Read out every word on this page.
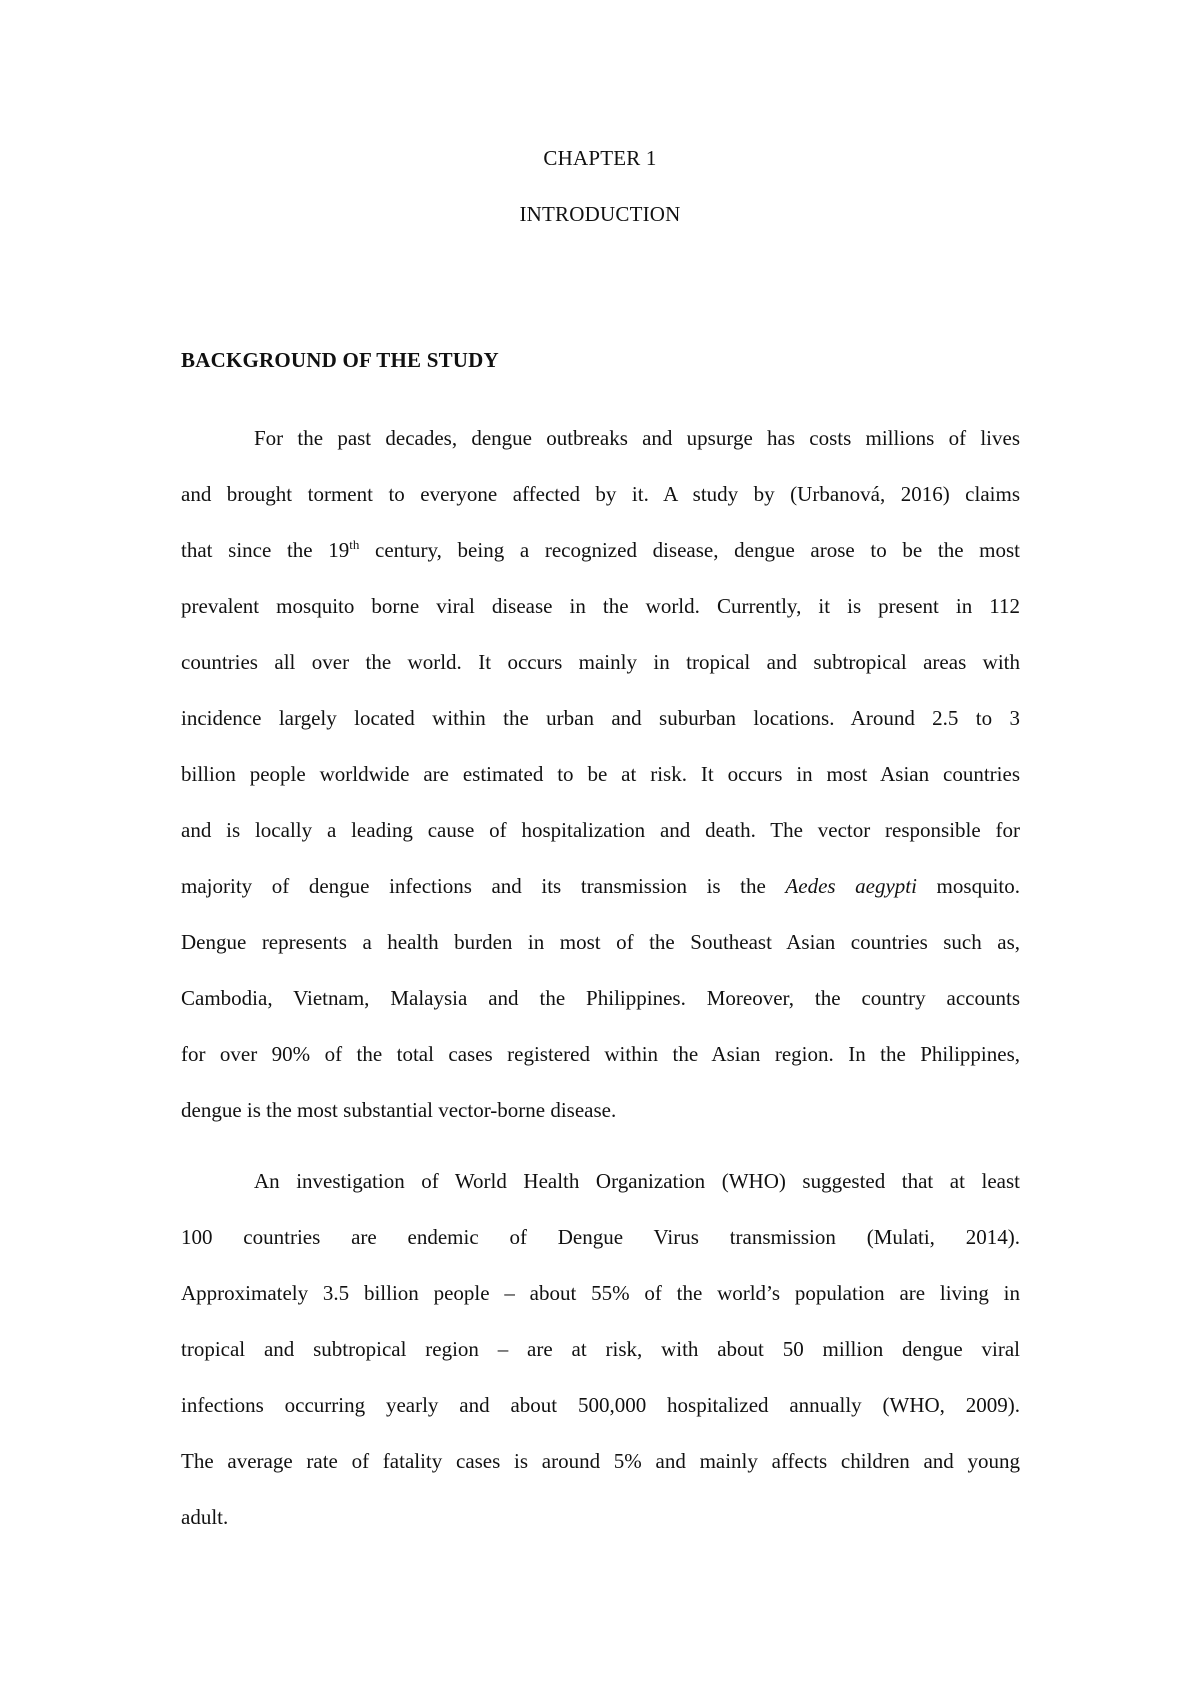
CHAPTER 1
INTRODUCTION
BACKGROUND OF THE STUDY
For the past decades, dengue outbreaks and upsurge has costs millions of lives
and brought torment to everyone affected by it. A study by (Urbanová, 2016) claims
that since the 19th century, being a recognized disease, dengue arose to be the most
prevalent mosquito borne viral disease in the world. Currently, it is present in 112
countries all over the world. It occurs mainly in tropical and subtropical areas with
incidence largely located within the urban and suburban locations. Around 2.5 to 3
billion people worldwide are estimated to be at risk. It occurs in most Asian countries
and is locally a leading cause of hospitalization and death. The vector responsible for
majority of dengue infections and its transmission is the Aedes aegypti mosquito.
Dengue represents a health burden in most of the Southeast Asian countries such as,
Cambodia, Vietnam, Malaysia and the Philippines. Moreover, the country accounts
for over 90% of the total cases registered within the Asian region. In the Philippines,
dengue is the most substantial vector-borne disease.
An investigation of World Health Organization (WHO) suggested that at least
100 countries are endemic of Dengue Virus transmission (Mulati, 2014).
Approximately 3.5 billion people – about 55% of the world’s population are living in
tropical and subtropical region – are at risk, with about 50 million dengue viral
infections occurring yearly and about 500,000 hospitalized annually (WHO, 2009).
The average rate of fatality cases is around 5% and mainly affects children and young
adult.
